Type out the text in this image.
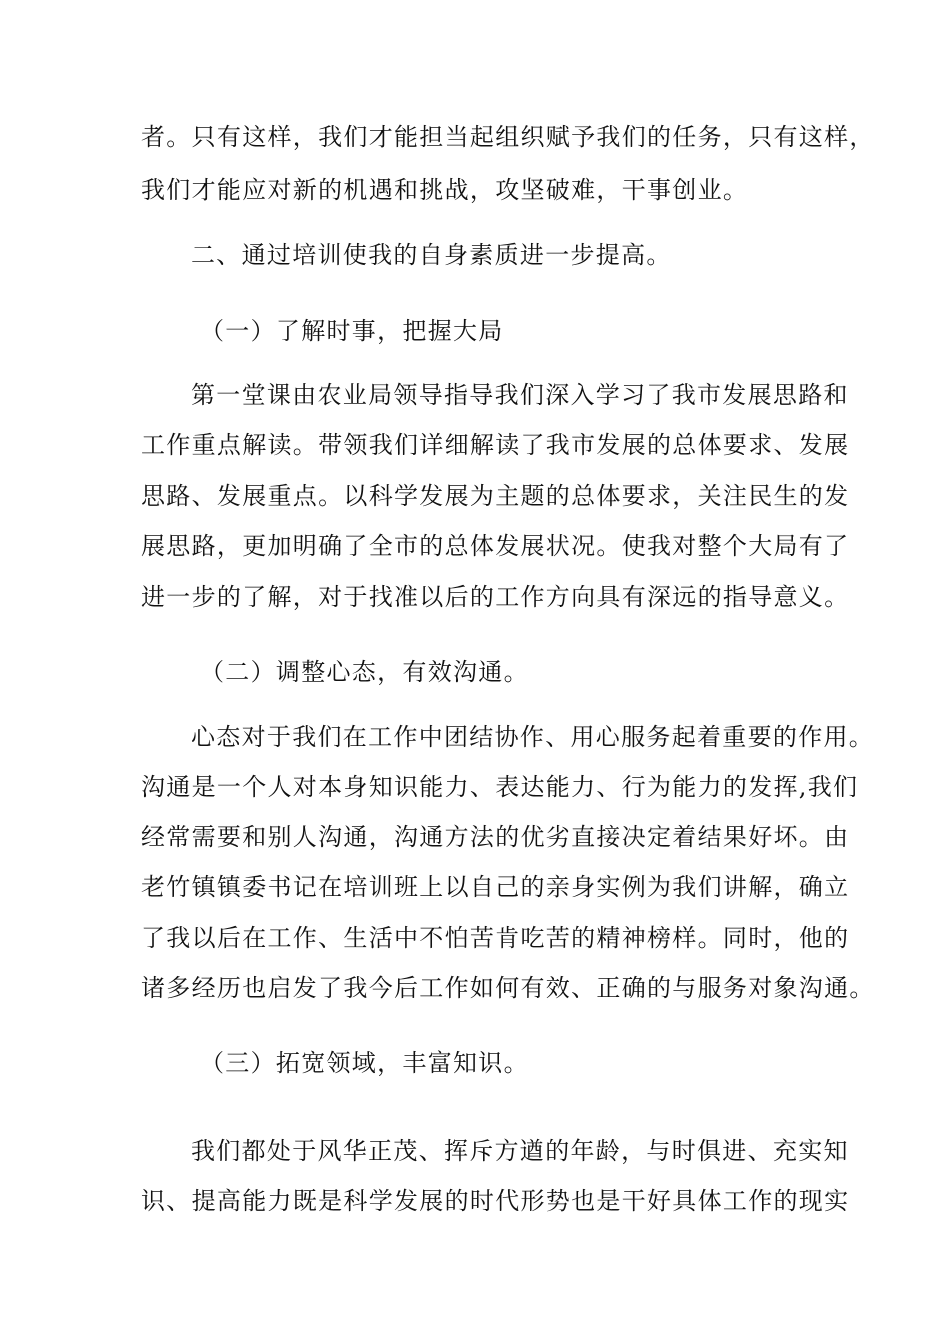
者。只有这样，我们才能担当起组织赋予我们的任务，只有这样，
我们才能应对新的机遇和挑战，攻坚破难，干事创业。
二、通过培训使我的自身素质进一步提高。
（一）了解时事，把握大局
第一堂课由农业局领导指导我们深入学习了我市发展思路和
工作重点解读。带领我们详细解读了我市发展的总体要求、发展
思路、发展重点。以科学发展为主题的总体要求，关注民生的发
展思路，更加明确了全市的总体发展状况。使我对整个大局有了
进一步的了解，对于找准以后的工作方向具有深远的指导意义。
（二）调整心态，有效沟通。
心态对于我们在工作中团结协作、用心服务起着重要的作用。
沟通是一个人对本身知识能力、表达能力、行为能力的发挥,我们
经常需要和别人沟通，沟通方法的优劣直接决定着结果好坏。由
老竹镇镇委书记在培训班上以自己的亲身实例为我们讲解，确立
了我以后在工作、生活中不怕苦肯吃苦的精神榜样。同时，他的
诸多经历也启发了我今后工作如何有效、正确的与服务对象沟通。
（三）拓宽领域，丰富知识。
我们都处于风华正茂、挥斥方遒的年龄，与时俱进、充实知
识、提高能力既是科学发展的时代形势也是干好具体工作的现实
